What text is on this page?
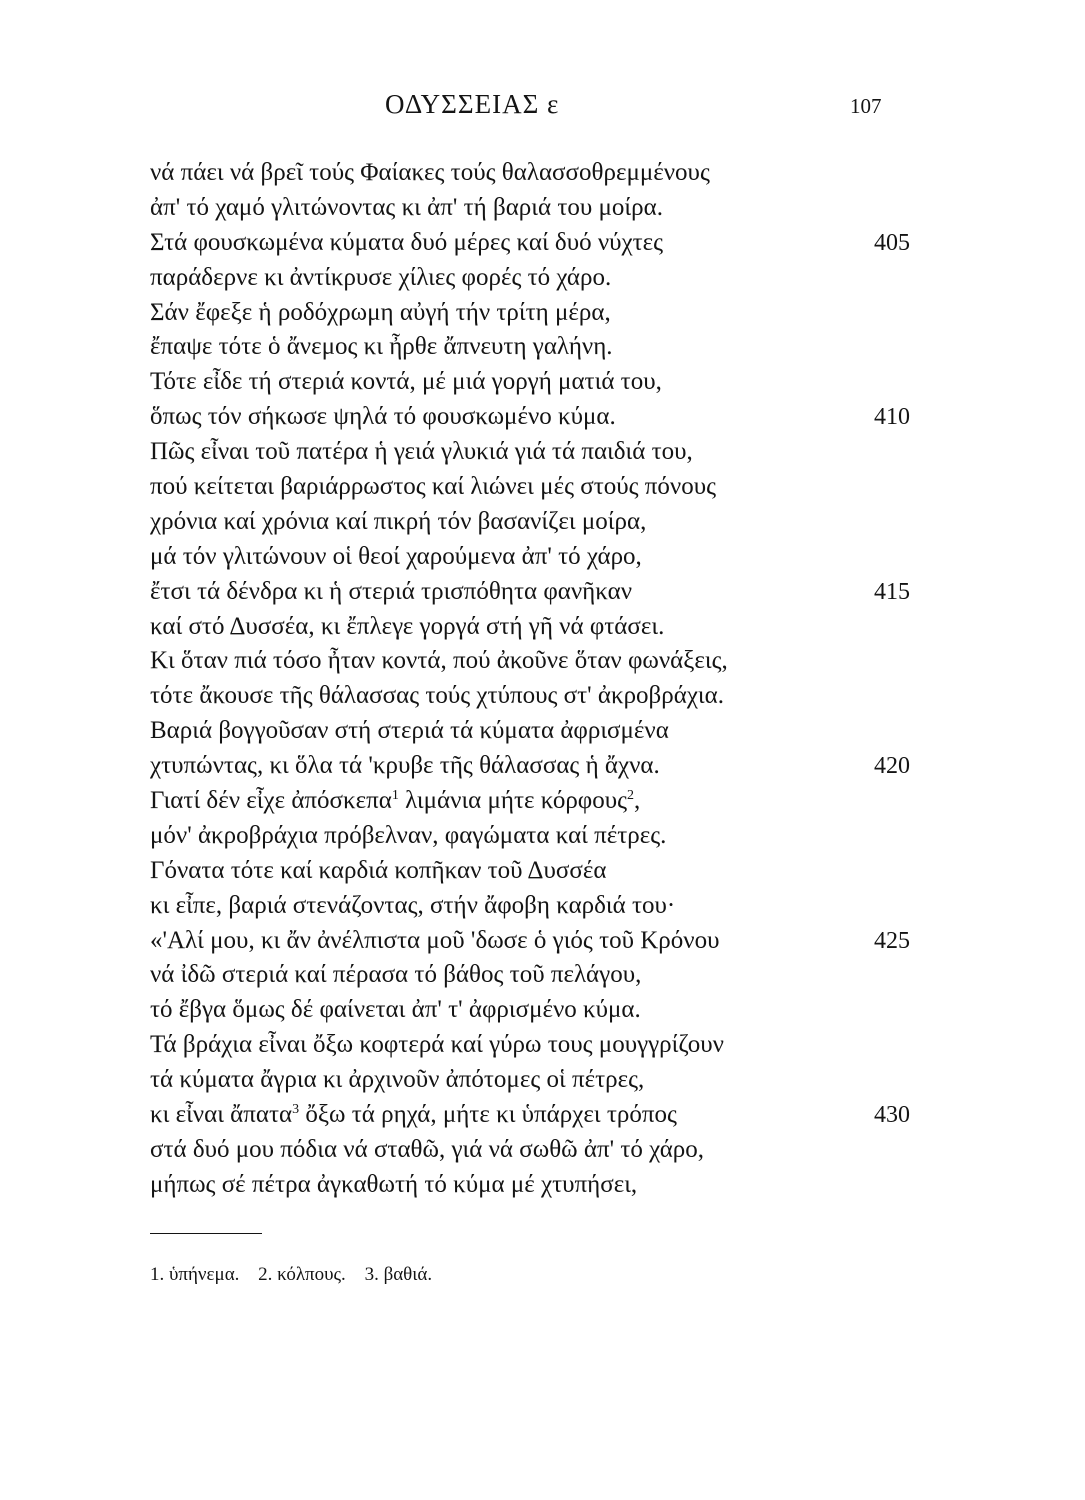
ΟΔΥΣΣΕΙΑΣ ε	107
νά πάει νά βρεῖ τούς Φαίακες τούς θαλασσοθρεμμένους
ἀπ' τό χαμό γλιτώνοντας κι ἀπ' τή βαριά του μοίρα.
Στά φουσκωμένα κύματα δυό μέρες καί δυό νύχτες	405
παράδερνε κι ἀντίκρυσε χίλιες φορές τό χάρο.
Σάν ἔφεξε ἡ ροδόχρωμη αὐγή τήν τρίτη μέρα,
ἔπαψε τότε ὁ ἄνεμος κι ἦρθε ἄπνευτη γαλήνη.
Τότε εἶδε τή στεριά κοντά, μέ μιά γοργή ματιά του,
ὅπως τόν σήκωσε ψηλά τό φουσκωμένο κύμα.	410
Πῶς εἶναι τοῦ πατέρα ἡ γειά γλυκιά γιά τά παιδιά του,
πού κείτεται βαριάρρωστος καί λιώνει μές στούς πόνους
χρόνια καί χρόνια καί πικρή τόν βασανίζει μοίρα,
μά τόν γλιτώνουν οἱ θεοί χαρούμενα ἀπ' τό χάρο,
ἔτσι τά δένδρα κι ἡ στεριά τρισπόθητα φανῆκαν	415
καί στό Δυσσέα, κι ἔπλεγε γοργά στή γῆ νά φτάσει.
Κι ὅταν πιά τόσο ἦταν κοντά, πού ἀκοῦνε ὅταν φωνάξεις,
τότε ἄκουσε τῆς θάλασσας τούς χτύπους στ' ἀκροβράχια.
Βαριά βογγοῦσαν στή στεριά τά κύματα ἀφρισμένα
χτυπώντας, κι ὅλα τά 'κρυβε τῆς θάλασσας ἡ ἄχνα.	420
Γιατί δέν εἶχε ἀπόσκεπα$^1$ λιμάνια μήτε κόρφους$^2$,
μόν' ἀκροβράχια πρόβελναν, φαγώματα καί πέτρες.
Γόνατα τότε καί καρδιά κοπῆκαν τοῦ Δυσσέα
κι εἶπε, βαριά στενάζοντας, στήν ἄφοβη καρδιά του·
«'Αλί μου, κι ἄν ἀνέλπιστα μοῦ 'δωσε ὁ γιός τοῦ Κρόνου	425
νά ἰδῶ στεριά καί πέρασα τό βάθος τοῦ πελάγου,
τό ἔβγα ὅμως δέ φαίνεται ἀπ' τ' ἀφρισμένο κύμα.
Τά βράχια εἶναι ὄξω κοφτερά καί γύρω τους μουγγρίζουν
τά κύματα ἄγρια κι ἀρχινοῦν ἀπότομες οἱ πέτρες,
κι εἶναι ἄπατα$^3$ ὄξω τά ρηχά, μήτε κι ὑπάρχει τρόπος	430
στά δυό μου πόδια νά σταθῶ, γιά νά σωθῶ ἀπ' τό χάρο,
μήπως σέ πέτρα ἀγκαθωτή τό κύμα μέ χτυπήσει,
1. ὑπήνεμα. 2. κόλπους. 3. βαθιά.
